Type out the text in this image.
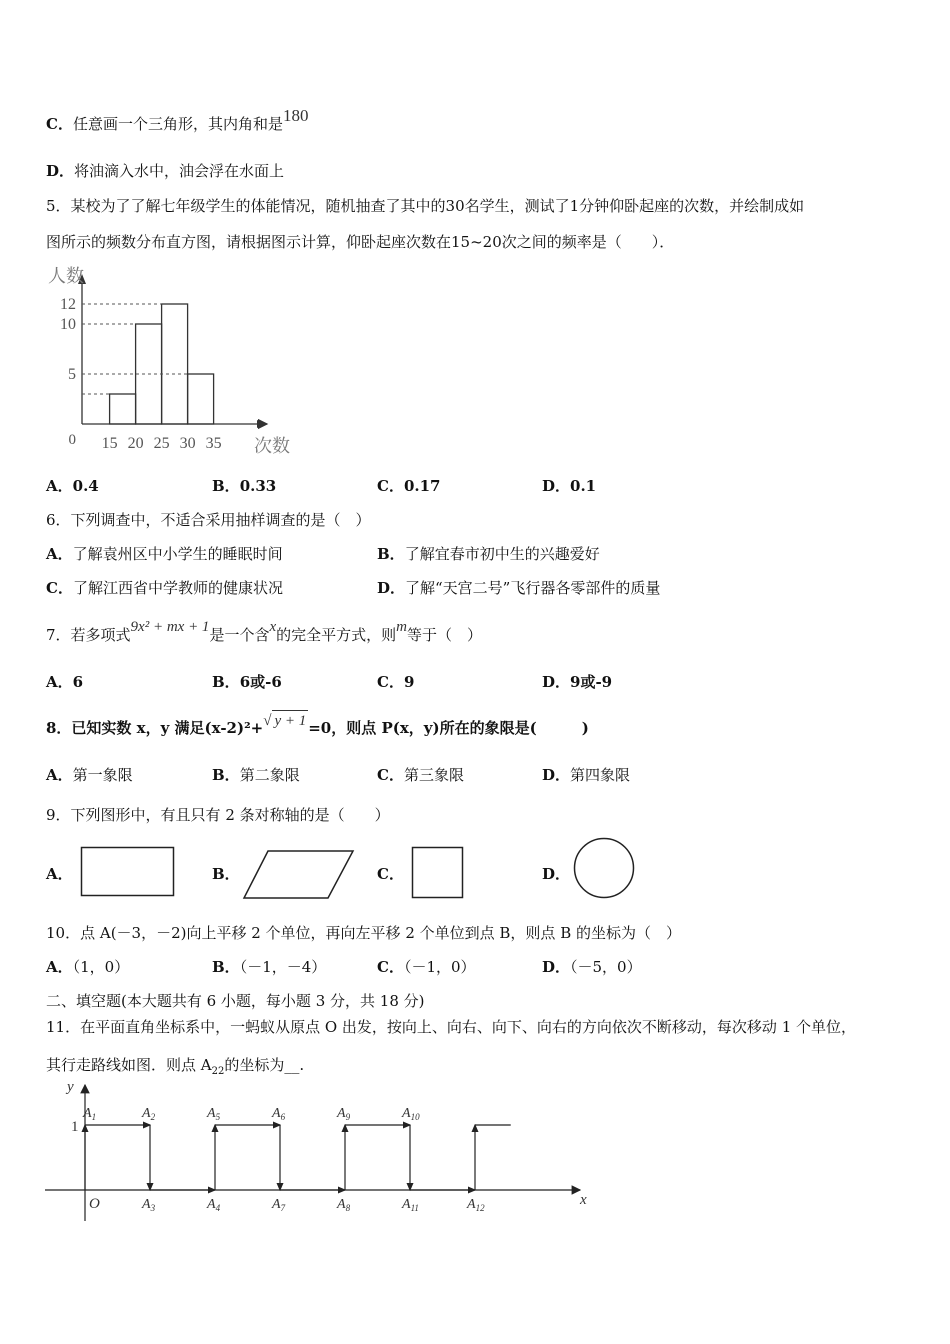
C．任意画一个三角形，其内角和是180
D．将油滴入水中，油会浮在水面上
5．某校为了了解七年级学生的体能情况，随机抽查了其中的30名学生，测试了1分钟仰卧起座的次数，并绘制成如
图所示的频数分布直方图，请根据图示计算，仰卧起座次数在15~20次之间的频率是（　　）．
5
10
12
15 20 25 30 35
0
人数
次数
A．0.4	B．0.33	C．0.17	D．0.1
6．下列调查中，不适合采用抽样调查的是（　）
A．了解袁州区中小学生的睡眠时间	B．了解宜春市初中生的兴趣爱好
C．了解江西省中学教师的健康状况	D．了解“天宫二号”飞行器各零部件的质量
7．若多项式9x² + mx + 1是一个含x的完全平方式，则m等于（　）
A．6	B．6或-6	C．9	D．9或-9
8．已知实数 x，y 满足(x-2)²+√ y + 1 =0，则点 P(x，y)所在的象限是(　　　)
A．第一象限	B．第二象限	C．第三象限	D．第四象限
9．下列图形中，有且只有 2 条对称轴的是（　　）
A．	B．	C．	D．
10．点 A(－3，－2)向上平移 2 个单位，再向左平移 2 个单位到点 B，则点 B 的坐标为（　）
A．（1，0）	B．（－1，－4）	C．（－1，0）	D．（－5，0）
二、填空题(本大题共有 6 小题，每小题 3 分，共 18 分)
11．在平面直角坐标系中，一蚂蚁从原点 O 出发，按向上、向右、向下、向右的方向依次不断移动，每次移动 1 个单位，
其行走路线如图．则点 $A_{22}$的坐标为__.
y
x
O
1
$A_1$	$A_2$
$A_3$	$A_4$
$A_5$	$A_6$
$A_7$	$A_8$
$A_9$	$A_{10}$
$A_{11}$	$A_{12}$
